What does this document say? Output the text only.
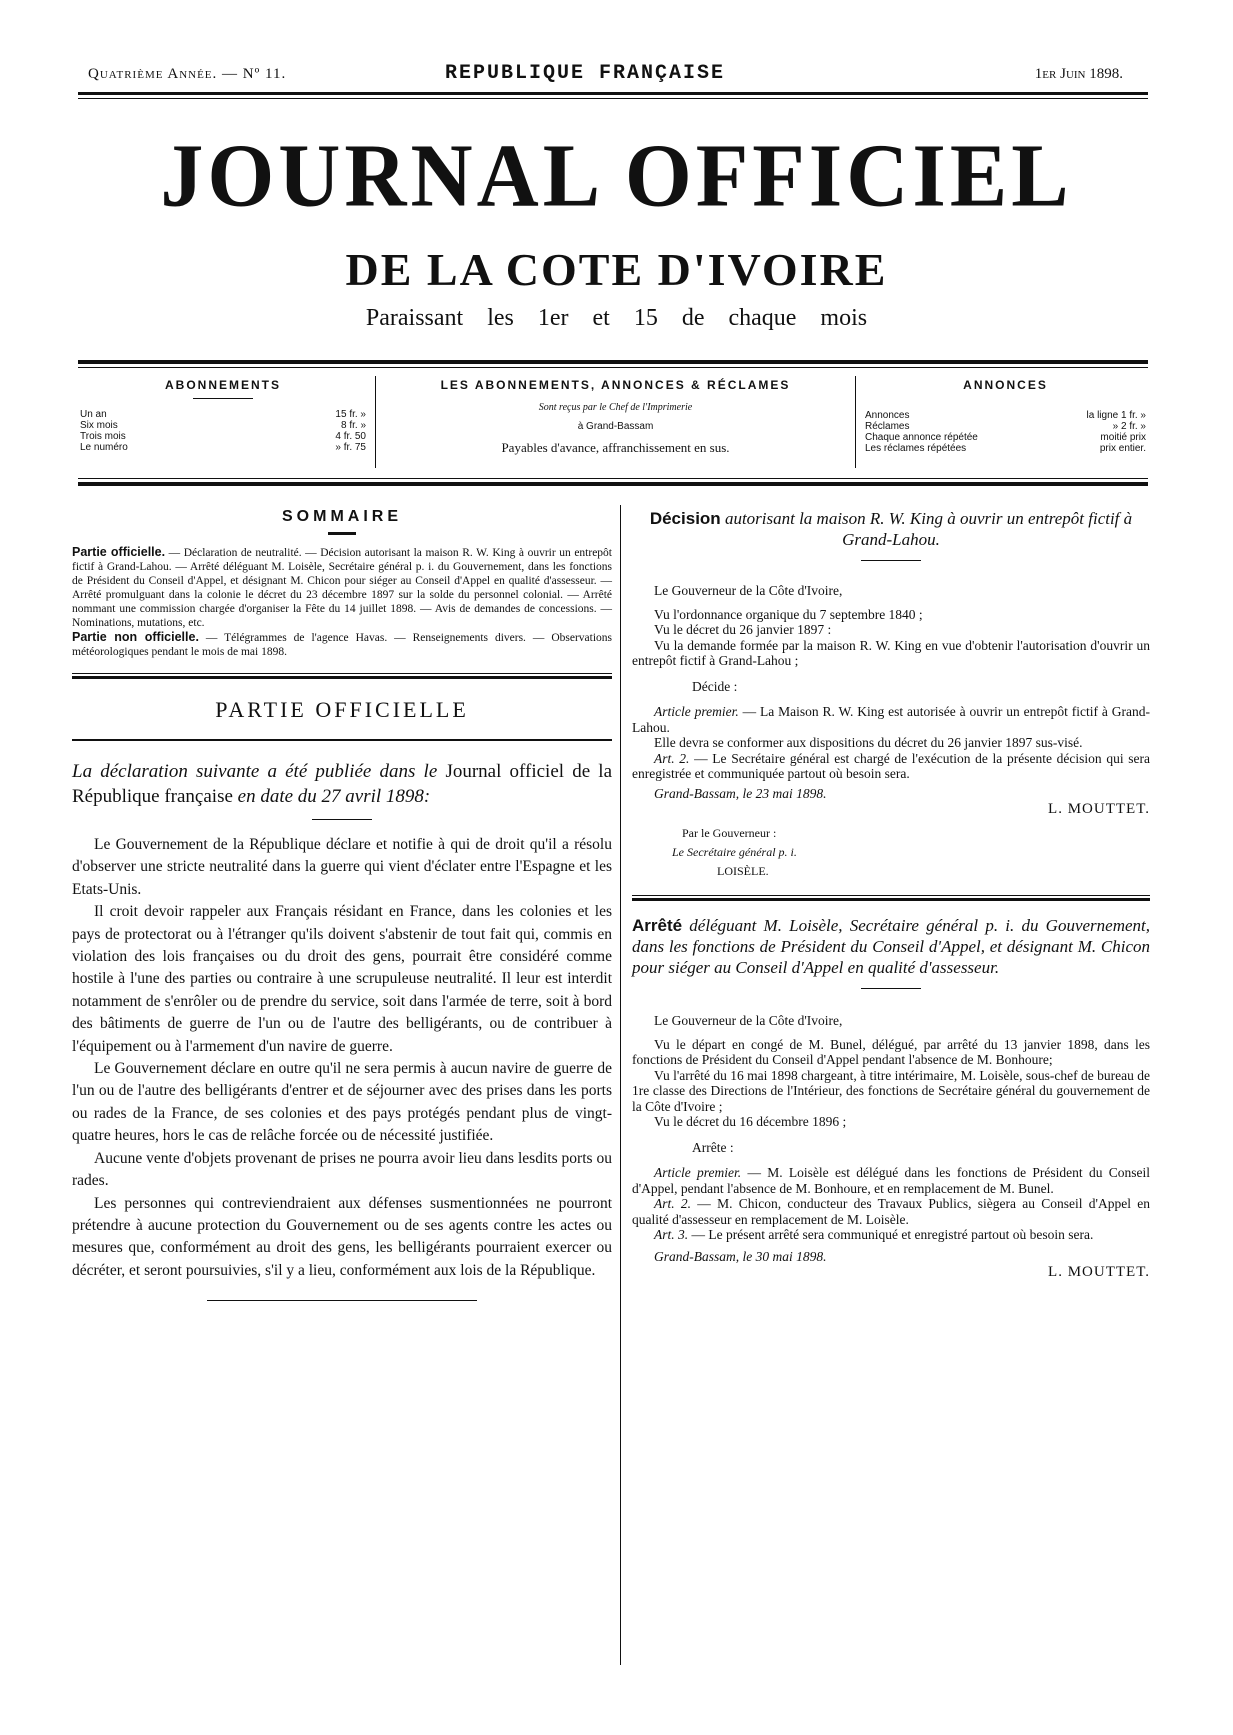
Quatrième Année. — Nº 11.	REPUBLIQUE FRANÇAISE	1er Juin 1898.
JOURNAL OFFICIEL
DE LA COTE D'IVOIRE
Paraissant les 1er et 15 de chaque mois
ABONNEMENTS
Un an	15 fr. »
Six mois	8 fr. »
Trois mois	4 fr. 50
Le numéro	» fr. 75
LES ABONNEMENTS, ANNONCES & RÉCLAMES
Sont reçus par le Chef de l'Imprimerie
à Grand-Bassam
Payables d'avance, affranchissement en sus.
ANNONCES
Annonces	la ligne 1 fr. »
Réclames	» 2 fr. »
Chaque annonce répétée	moitié prix
Les réclames répétées	prix entier.
SOMMAIRE

Partie officielle. — Déclaration de neutralité. — Décision autorisant la maison R. W. King à ouvrir un entrepôt fictif à Grand-Lahou. — Arrêté déléguant M. Loisèle, Secrétaire général p. i. du Gouvernement, dans les fonctions de Président du Conseil d'Appel, et désignant M. Chicon pour siéger au Conseil d'Appel en qualité d'assesseur. — Arrêté promulguant dans la colonie le décret du 23 décembre 1897 sur la solde du personnel colonial. — Arrêté nommant une commission chargée d'organiser la Fête du 14 juillet 1898. — Avis de demandes de concessions. — Nominations, mutations, etc.

Partie non officielle. — Télégrammes de l'agence Havas. — Renseignements divers. — Observations météorologiques pendant le mois de mai 1898.

PARTIE OFFICIELLE
La déclaration suivante a été publiée dans le Journal officiel de la République française en date du 27 avril 1898:

Le Gouvernement de la République déclare et notifie à qui de droit qu'il a résolu d'observer une stricte neutralité dans la guerre qui vient d'éclater entre l'Espagne et les Etats-Unis.

Il croit devoir rappeler aux Français résidant en France, dans les colonies et les pays de protectorat ou à l'étranger qu'ils doivent s'abstenir de tout fait qui, commis en violation des lois françaises ou du droit des gens, pourrait être considéré comme hostile à l'une des parties ou contraire à une scrupuleuse neutralité. Il leur est interdit notamment de s'enrôler ou de prendre du service, soit dans l'armée de terre, soit à bord des bâtiments de guerre de l'un ou de l'autre des belligérants, ou de contribuer à l'équipement ou à l'armement d'un navire de guerre.

Le Gouvernement déclare en outre qu'il ne sera permis à aucun navire de guerre de l'un ou de l'autre des belligérants d'entrer et de séjourner avec des prises dans les ports ou rades de la France, de ses colonies et des pays protégés pendant plus de vingt-quatre heures, hors le cas de relâche forcée ou de nécessité justifiée.

Aucune vente d'objets provenant de prises ne pourra avoir lieu dans lesdits ports ou rades.

Les personnes qui contreviendraient aux défenses susmentionnées ne pourront prétendre à aucune protection du Gouvernement ou de ses agents contre les actes ou mesures que, conformément au droit des gens, les belligérants pourraient exercer ou décréter, et seront poursuivies, s'il y a lieu, conformément aux lois de la République.

Décision autorisant la maison R. W. King à ouvrir un entrepôt fictif à Grand-Lahou.

Le Gouverneur de la Côte d'Ivoire,

Vu l'ordonnance organique du 7 septembre 1840 ;

Vu le décret du 26 janvier 1897 :

Vu la demande formée par la maison R. W. King en vue d'obtenir l'autorisation d'ouvrir un entrepôt fictif à Grand-Lahou ;

Décide :

Article premier. — La Maison R. W. King est autorisée à ouvrir un entrepôt fictif à Grand-Lahou.

Elle devra se conformer aux dispositions du décret du 26 janvier 1897 sus-visé.

Art. 2. — Le Secrétaire général est chargé de l'exécution de la présente décision qui sera enregistrée et communiquée partout où besoin sera.

Grand-Bassam, le 23 mai 1898.

L. MOUTTET.
Par le Gouverneur :
Le Secrétaire général p. i.
LOISÈLE.
Arrêté déléguant M. Loisèle, Secrétaire général p. i. du Gouvernement, dans les fonctions de Président du Conseil d'Appel, et désignant M. Chicon pour siéger au Conseil d'Appel en qualité d'assesseur.

Le Gouverneur de la Côte d'Ivoire,

Vu le départ en congé de M. Bunel, délégué, par arrêté du 13 janvier 1898, dans les fonctions de Président du Conseil d'Appel pendant l'absence de M. Bonhoure;

Vu l'arrêté du 16 mai 1898 chargeant, à titre intérimaire, M. Loisèle, sous-chef de bureau de 1re classe des Directions de l'Intérieur, des fonctions de Secrétaire général du gouvernement de la Côte d'Ivoire ;

Vu le décret du 16 décembre 1896 ;

Arrête :

Article premier. — M. Loisèle est délégué dans les fonctions de Président du Conseil d'Appel, pendant l'absence de M. Bonhoure, et en remplacement de M. Bunel.

Art. 2. — M. Chicon, conducteur des Travaux Publics, siègera au Conseil d'Appel en qualité d'assesseur en remplacement de M. Loisèle.

Art. 3. — Le présent arrêté sera communiqué et enregistré partout où besoin sera.

Grand-Bassam, le 30 mai 1898.

L. MOUTTET.
